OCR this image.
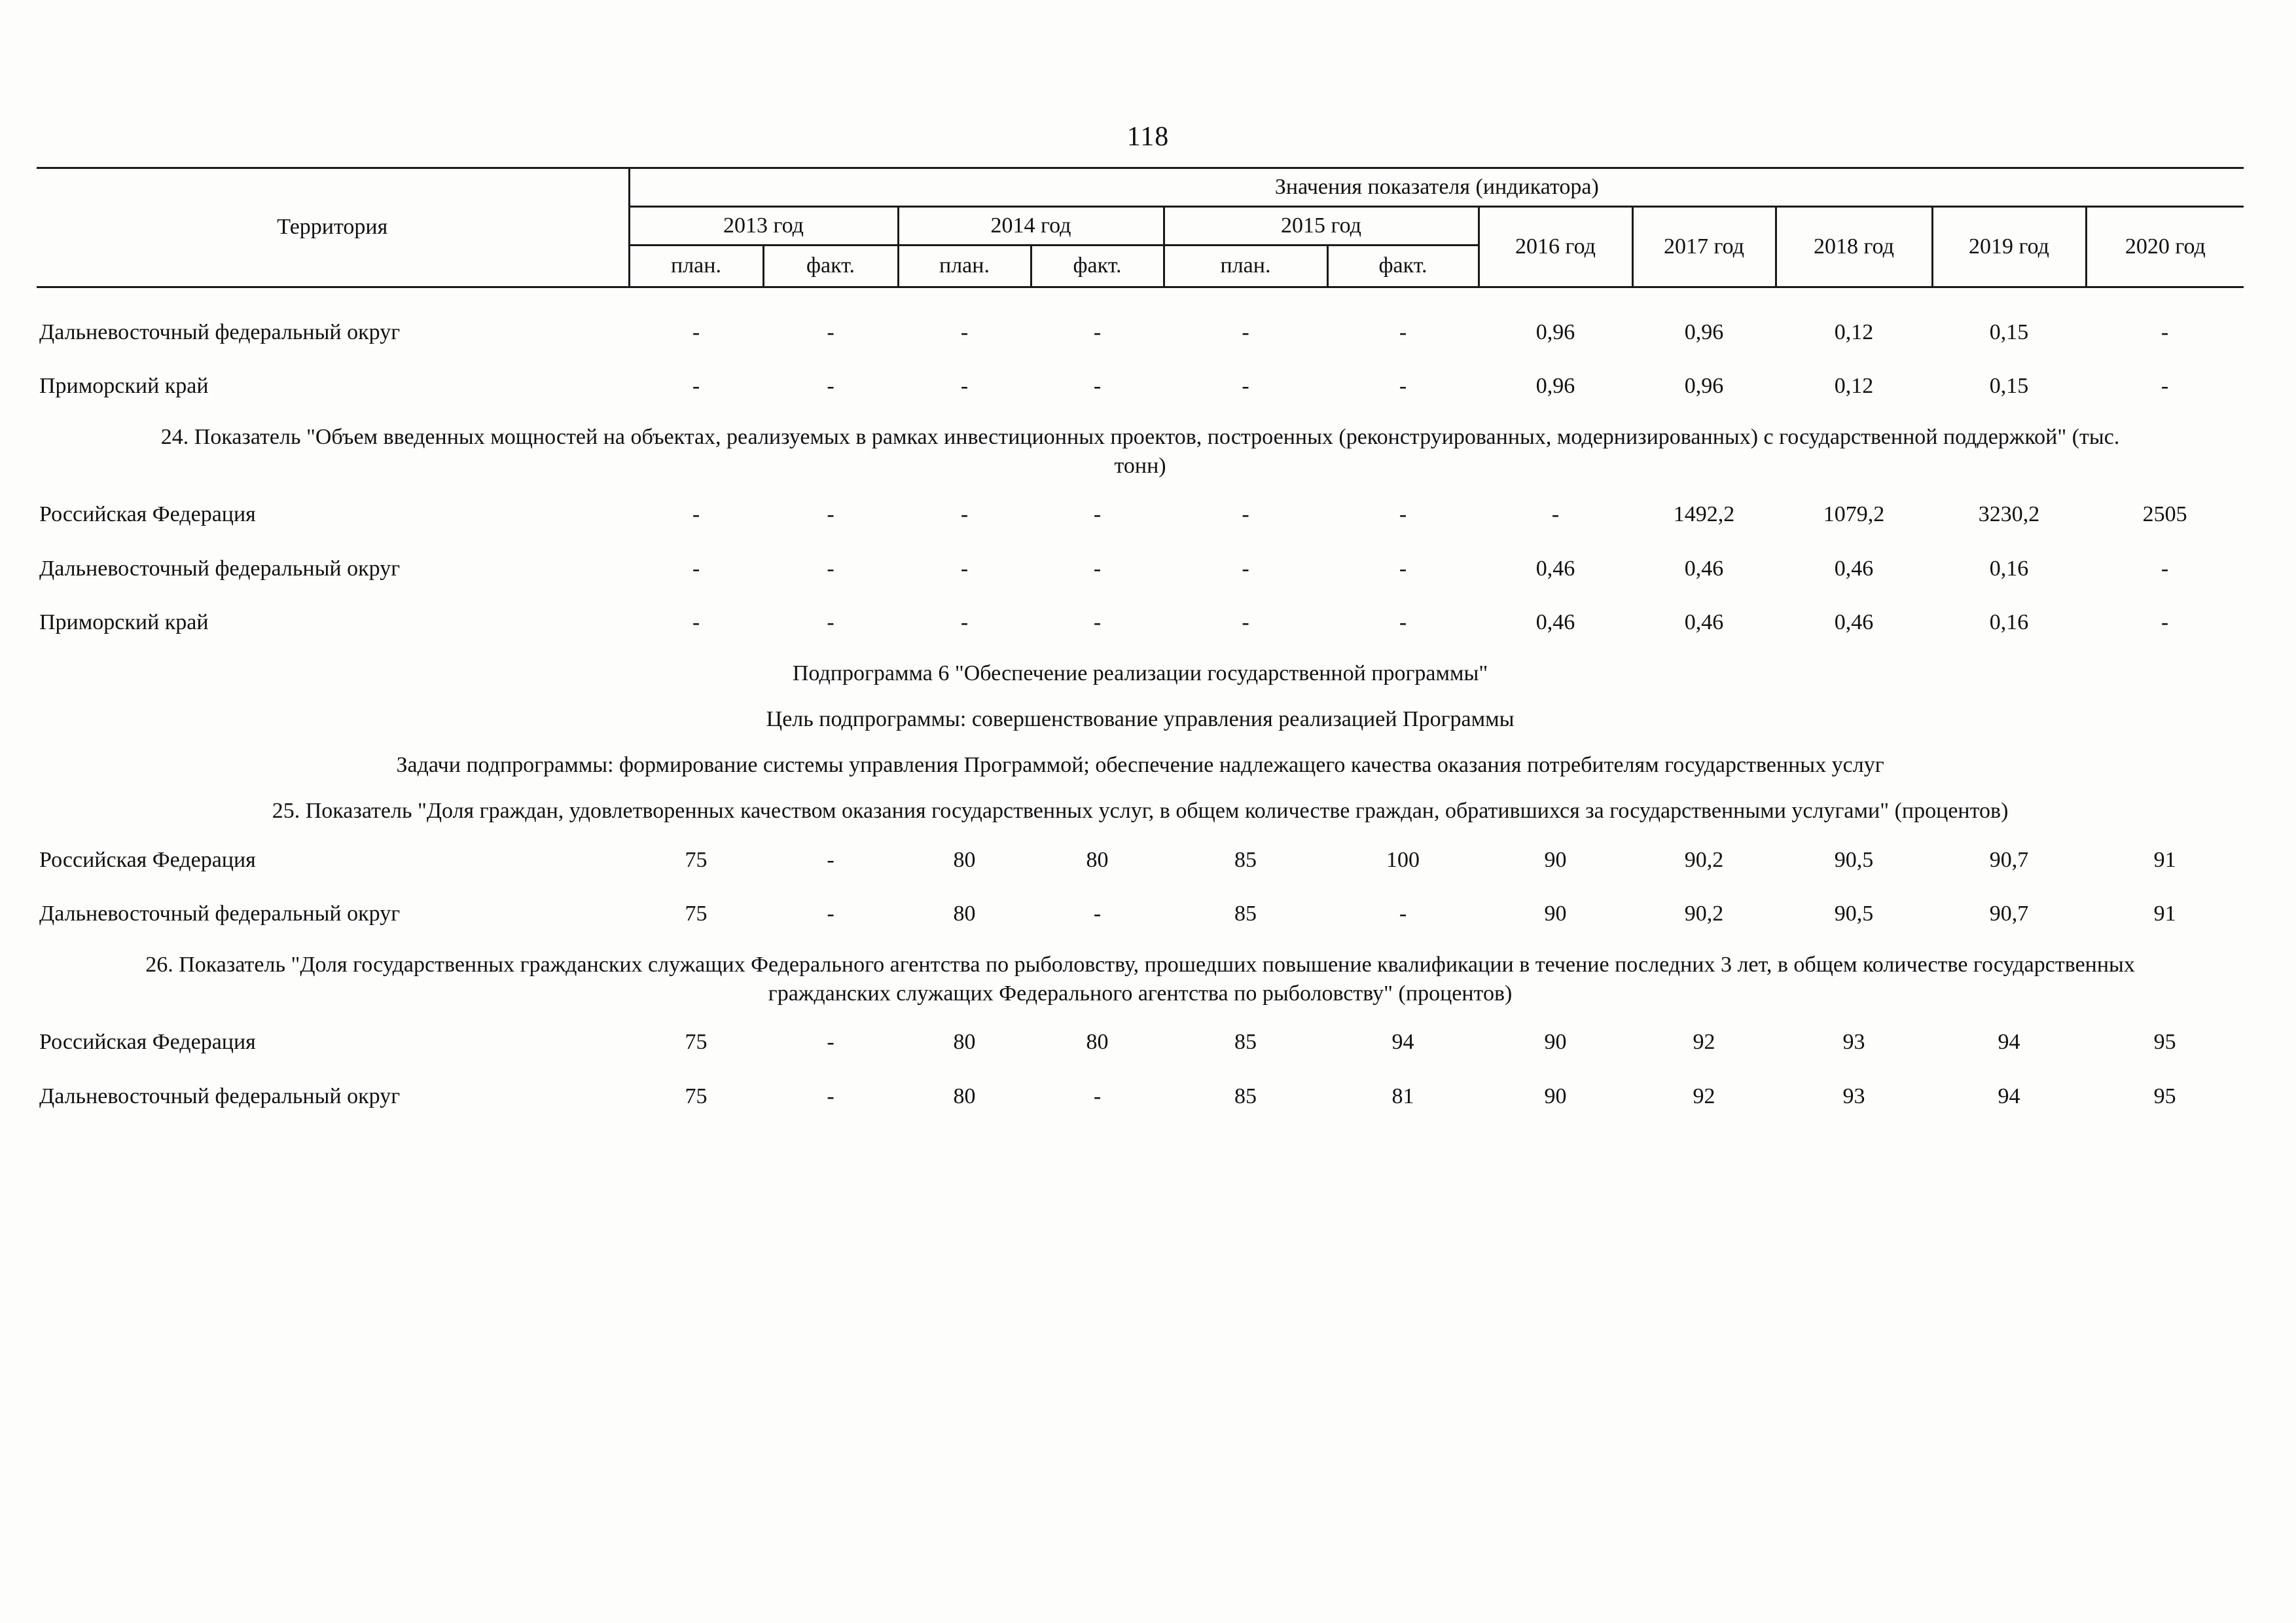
118
Территория	Значения показателя (индикатора)										
	2013 год		2014 год		2015 год		2016 год	2017 год	2018 год	2019 год	2020 год
	план.	факт.	план.	факт.	план.	факт.					
Дальневосточный федеральный округ	-	-	-	-	-	-	0,96	0,96	0,12	0,15	-
Приморский край	-	-	-	-	-	-	0,96	0,96	0,12	0,15	-
24. Показатель "Объем введенных мощностей на объектах, реализуемых в рамках инвестиционных проектов, построенных (реконструированных, модернизированных) с государственной поддержкой" (тыс. тонн)											
Российская Федерация	-	-	-	-	-	-	-	1492,2	1079,2	3230,2	2505
Дальневосточный федеральный округ	-	-	-	-	-	-	0,46	0,46	0,46	0,16	-
Приморский край	-	-	-	-	-	-	0,46	0,46	0,46	0,16	-
Подпрограмма 6 "Обеспечение реализации государственной программы"											
Цель подпрограммы: совершенствование управления реализацией Программы											
Задачи подпрограммы: формирование системы управления Программой; обеспечение надлежащего качества оказания потребителям государственных услуг											
25. Показатель "Доля граждан, удовлетворенных качеством оказания государственных услуг, в общем количестве граждан, обратившихся за государственными услугами" (процентов)											
Российская Федерация	75	-	80	80	85	100	90	90,2	90,5	90,7	91
Дальневосточный федеральный округ	75	-	80	-	85	-	90	90,2	90,5	90,7	91
26. Показатель "Доля государственных гражданских служащих Федерального агентства по рыболовству, прошедших повышение квалификации в течение последних 3 лет, в общем количестве государственных гражданских служащих Федерального агентства по рыболовству" (процентов)											
Российская Федерация	75	-	80	80	85	94	90	92	93	94	95
Дальневосточный федеральный округ	75	-	80	-	85	81	90	92	93	94	95
